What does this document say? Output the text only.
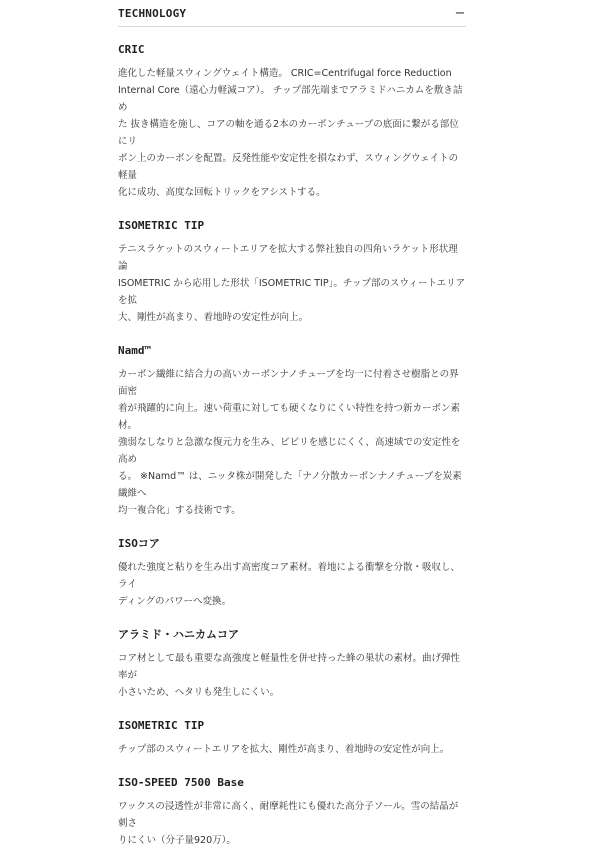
TECHNOLOGY	−
CRIC

進化した軽量スウィングウェイト構造。 CRIC=Centrifugal force Reduction
Internal Core（遠心力軽減コア）。 チップ部先端までアラミドハニカムを敷き詰め
た 抜き構造を施し、コアの軸を通る2本のカーボンチューブの底面に繋がる部位にリ
ボン上のカーボンを配置。反発性能や安定性を損なわず、スウィングウェイトの軽量
化に成功、高度な回転トリックをアシストする。

ISOMETRIC TIP

テニスラケットのスウィートエリアを拡大する弊社独自の四角いラケット形状理論
ISOMETRIC から応用した形状「ISOMETRIC TIP」。チップ部のスウィートエリアを拡
大、剛性が高まり、着地時の安定性が向上。

Namd™

カーボン繊維に結合力の高いカーボンナノチューブを均一に付着させ樹脂との界面密
着が飛躍的に向上。速い荷重に対しても硬くなりにくい特性を持つ新カーボン素材。
強弱なしなりと急激な復元力を生み、ビビリを感じにくく、高速域での安定性を高め
る。 ※Namd™ は、ニッタ株が開発した「ナノ分散カーボンナノチューブを炭素繊維へ
均一複合化」する技術です。

ISOコア

優れた強度と粘りを生み出す高密度コア素材。着地による衝撃を分散・吸収し、ライ
ディングのパワーへ変換。

アラミド・ハニカムコア

コア材として最も重要な高強度と軽量性を併せ持った蜂の巣状の素材。曲げ弾性率が
小さいため、ヘタリも発生しにくい。

ISOMETRIC TIP

チップ部のスウィートエリアを拡大、剛性が高まり、着地時の安定性が向上。

ISO-SPEED 7500 Base

ワックスの浸透性が非常に高く、耐摩耗性にも優れた高分子ソール。雪の結晶が刺さ
りにくい（分子量920万）。
